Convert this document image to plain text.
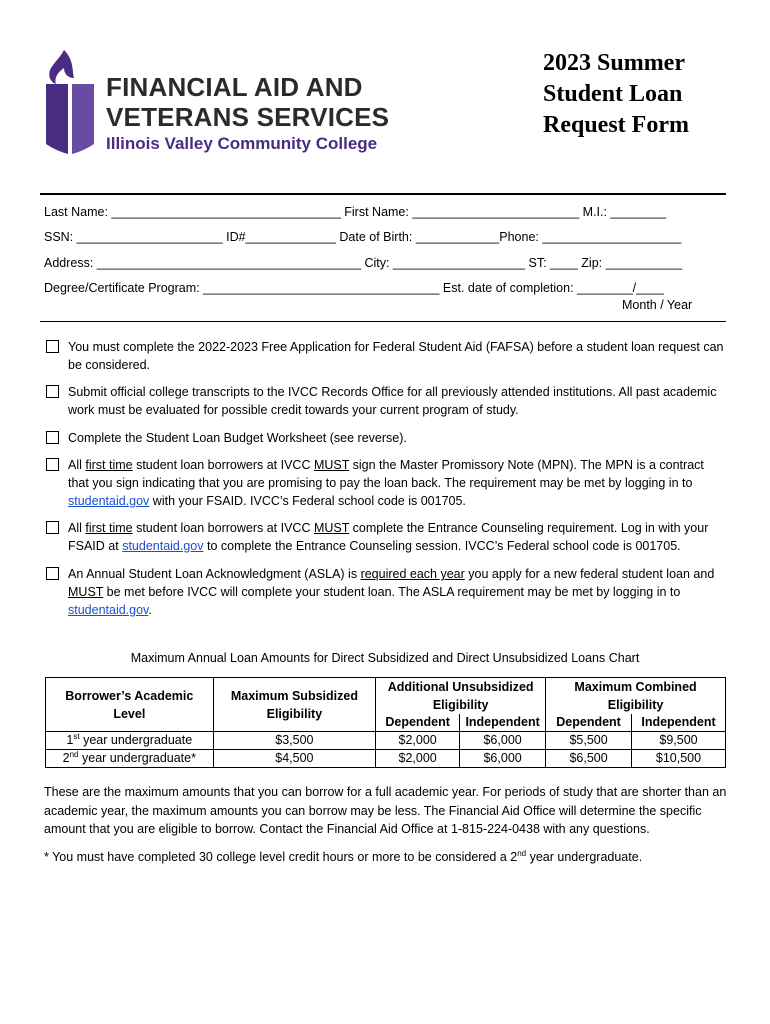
FINANCIAL AID AND
VETERANS SERVICES
Illinois Valley Community College
2023 Summer
Student Loan
Request Form
Last Name: _________________________________ First Name: ________________________ M.I.: ________
SSN: _____________________ ID#_____________ Date of Birth: ____________Phone: ____________________
Address: ______________________________________ City: ___________________ ST: ____ Zip: ___________
Degree/Certificate Program: __________________________________ Est. date of completion: ________/____
Month / Year
You must complete the 2022-2023 Free Application for Federal Student Aid (FAFSA) before a student loan request can be considered.
Submit official college transcripts to the IVCC Records Office for all previously attended institutions. All past academic work must be evaluated for possible credit towards your current program of study.
Complete the Student Loan Budget Worksheet (see reverse).
All first time student loan borrowers at IVCC MUST sign the Master Promissory Note (MPN). The MPN is a contract that you sign indicating that you are promising to pay the loan back. The requirement may be met by logging in to studentaid.gov with your FSAID. IVCC’s Federal school code is 001705.
All first time student loan borrowers at IVCC MUST complete the Entrance Counseling requirement. Log in with your FSAID at studentaid.gov to complete the Entrance Counseling session. IVCC’s Federal school code is 001705.
An Annual Student Loan Acknowledgment (ASLA) is required each year you apply for a new federal student loan and MUST be met before IVCC will complete your student loan. The ASLA requirement may be met by logging in to studentaid.gov.
Maximum Annual Loan Amounts for Direct Subsidized and Direct Unsubsidized Loans Chart
Borrower’s Academic Level	Maximum Subsidized Eligibility	Additional Unsubsidized Eligibility		Maximum Combined Eligibility	

		Dependent	Independent	Dependent	Independent
1st year undergraduate	$3,500	$2,000	$6,000	$5,500	$9,500
2nd year undergraduate*	$4,500	$2,000	$6,000	$6,500	$10,500
These are the maximum amounts that you can borrow for a full academic year. For periods of study that are shorter than an academic year, the maximum amounts you can borrow may be less. The Financial Aid Office will determine the specific amount that you are eligible to borrow. Contact the Financial Aid Office at 1-815-224-0438 with any questions.
* You must have completed 30 college level credit hours or more to be considered a 2nd year undergraduate.
